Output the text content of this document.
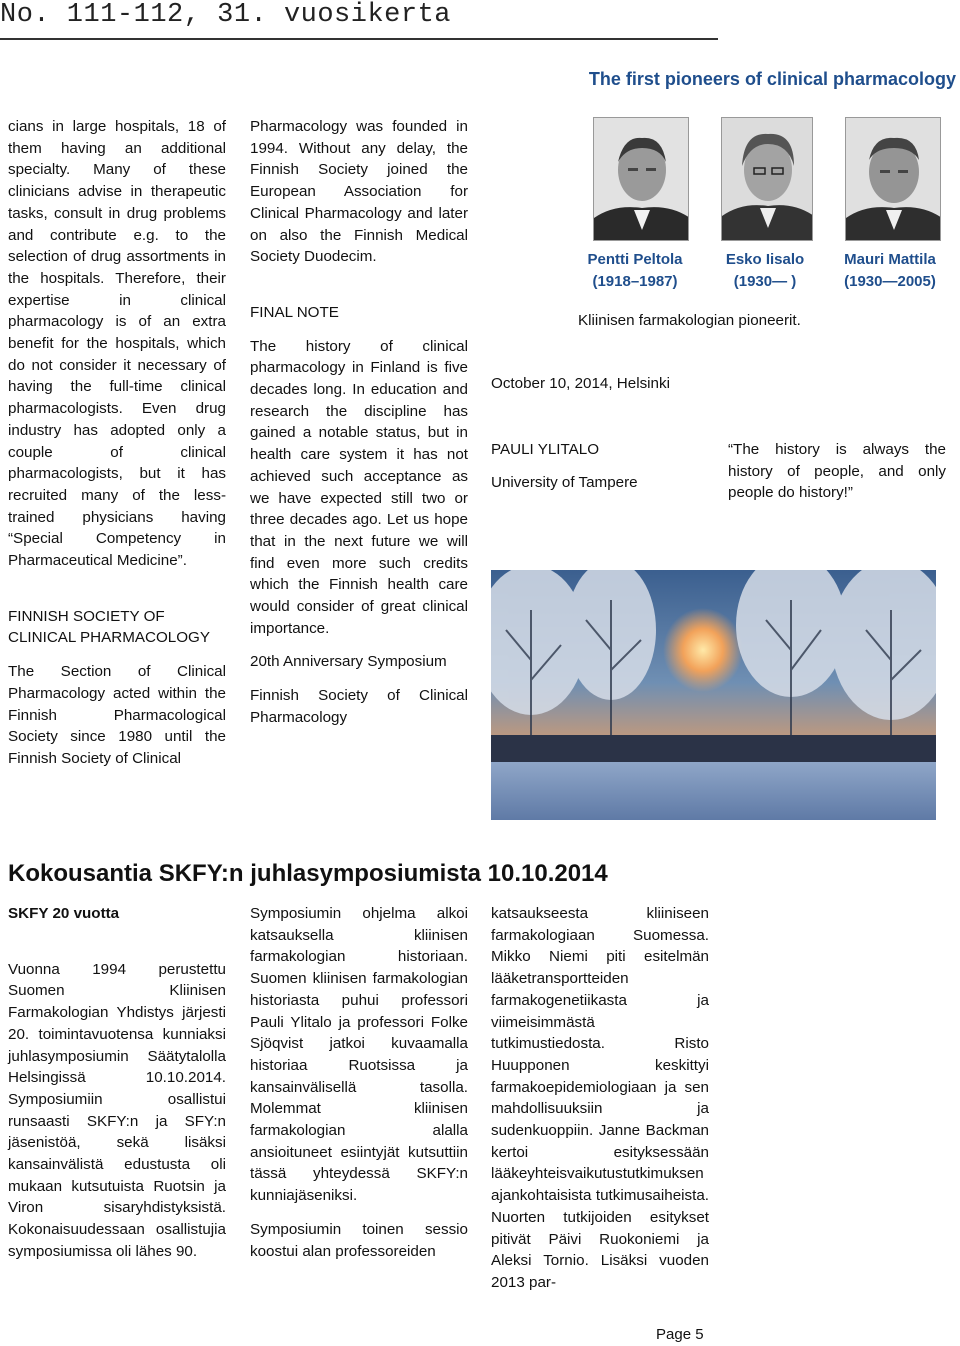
No. 111-112, 31. vuosikerta
The first pioneers of clinical pharmacology

cians in large hospitals, 18 of them having an additional specialty. Many of these clinicians advise in therapeutic tasks, consult in drug problems and contribute e.g. to the selection of drug assortments in the hospitals. Therefore, their expertise in clinical pharmacology is of an extra benefit for the hospitals, which do not consider it necessary of having the full-time clinical pharmacologists. Even drug industry has adopted only a couple of clinical pharmacologists, but it has recruited many of the less-trained physicians having “Special Competency in Pharmaceutical Medicine”.

FINNISH SOCIETY OF CLINICAL PHARMACOLOGY

The Section of Clinical Pharmacology acted within the Finnish Pharmacological Society since 1980 until the Finnish Society of Clinical

Pharmacology was founded in 1994. Without any delay, the Finnish Society joined the European Association for Clinical Pharmacology and later on also the Finnish Medical Society Duodecim.

FINAL NOTE

The history of clinical pharmacology in Finland is five decades long. In education and research the discipline has gained a notable status, but in health care system it has not achieved such acceptance as we have expected still two or three decades ago. Let us hope that in the next future we will find even more such credits which the Finnish health care would consider of great clinical importance.

20th Anniversary Symposium

Finnish Society of Clinical Pharmacology

Pentti Peltola
(1918–1987)
Esko Iisalo
(1930— )
Mauri Mattila
(1930—2005)
Kliinisen farmakologian pioneerit.
October 10, 2014, Helsinki
PAULI YLITALO
University of Tampere
“The history is always the history of people, and only people do history!”
Kokousantia SKFY:n juhlasymposiumista 10.10.2014

SKFY 20 vuotta

Vuonna 1994 perustettu Suomen Kliinisen Farmakologian Yhdistys järjesti 20. toimintavuotensa kunniaksi juhlasymposiumin Säätytalolla Helsingissä 10.10.2014. Symposiumiin osallistui runsaasti SKFY:n ja SFY:n jäsenistöä, sekä lisäksi kansainvälistä edustusta oli mukaan kutsutuista Ruotsin ja Viron sisaryhdistyksistä. Kokonaisuudessaan osallistujia symposiumissa oli lähes 90.

Symposiumin ohjelma alkoi katsauksella kliinisen farmakologian historiaan. Suomen kliinisen farmakologian historiasta puhui professori Pauli Ylitalo ja professori Folke Sjöqvist jatkoi kuvaamalla historiaa Ruotsissa ja kansainvälisellä tasolla. Molemmat kliinisen farmakologian alalla ansioituneet esiintyjät kutsuttiin tässä yhteydessä SKFY:n kunniajäseniksi.

Symposiumin toinen sessio koostui alan professoreiden

katsaukseesta kliiniseen farmakologiaan Suomessa. Mikko Niemi piti esitelmän lääketransportteiden farmakogenetiikasta ja viimeisimmästä tutkimustiedosta. Risto Huupponen keskittyi farmakoepidemiologiaan ja sen mahdollisuuksiin ja sudenkuoppiin. Janne Backman kertoi esityksessään lääkeyhteisvaikutustutkimuksen ajankohtaisista tutkimusaiheista. Nuorten tutkijoiden esitykset pitivät Päivi Ruokoniemi ja Aleksi Tornio. Lisäksi vuoden 2013 par-

Page 5
